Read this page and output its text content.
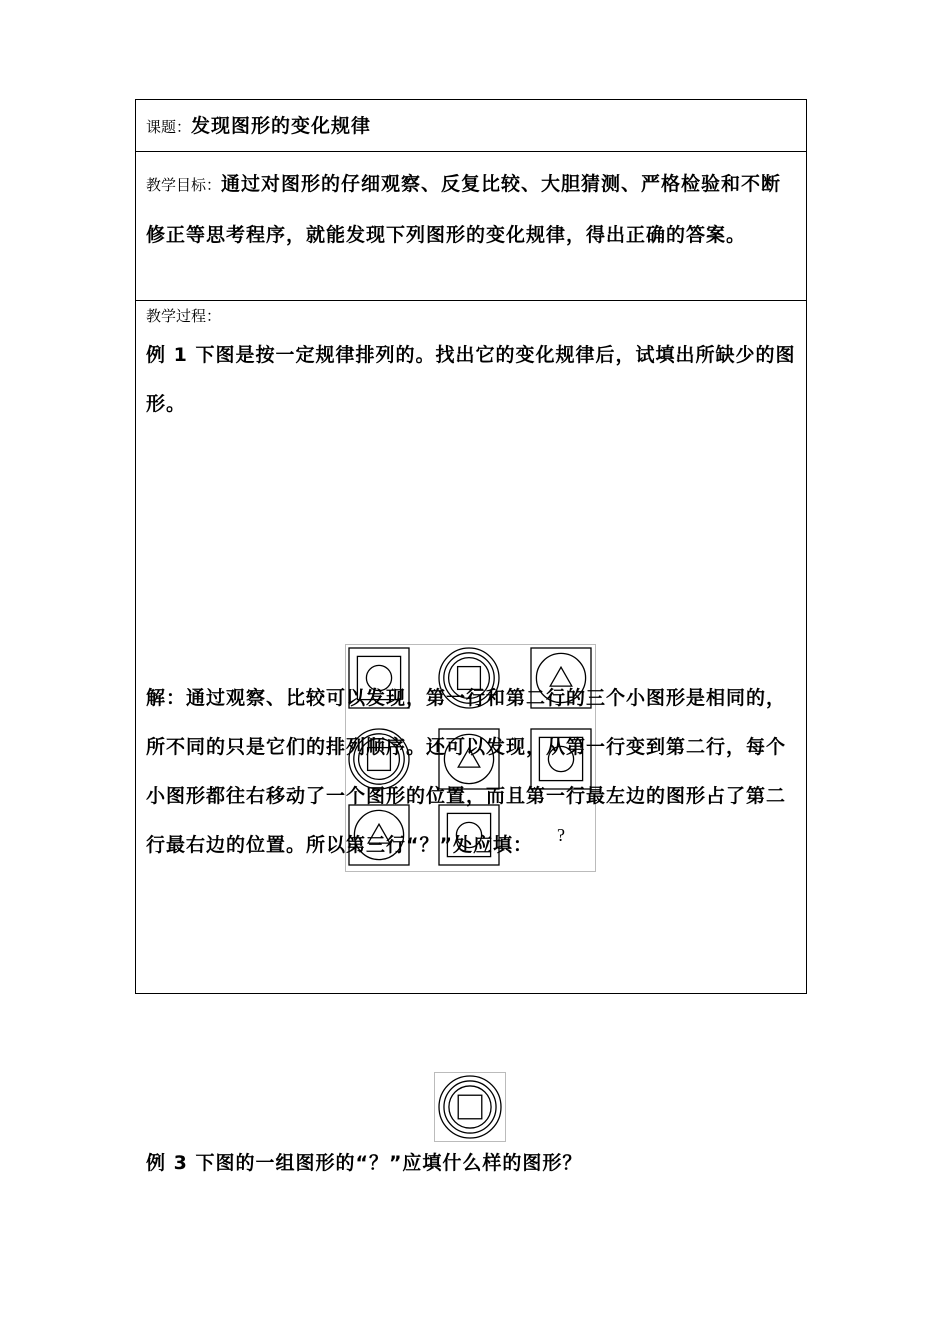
课题：发现图形的变化规律
教学目标：通过对图形的仔细观察、反复比较、大胆猜测、严格检验和不断修正等思考程序，就能发现下列图形的变化规律，得出正确的答案。
教学过程：
例 1 下图是按一定规律排列的。找出它的变化规律后，试填出所缺少的图形。
?
解：通过观察、比较可以发现，第一行和第二行的三个小图形是相同的，所不同的只是它们的排列顺序。还可以发现，从第一行变到第二行，每个小图形都往右移动了一个图形的位置，而且第一行最左边的图形占了第二行最右边的位置。所以第三行“？”处应填：
例 3 下图的一组图形的“？”应填什么样的图形？
